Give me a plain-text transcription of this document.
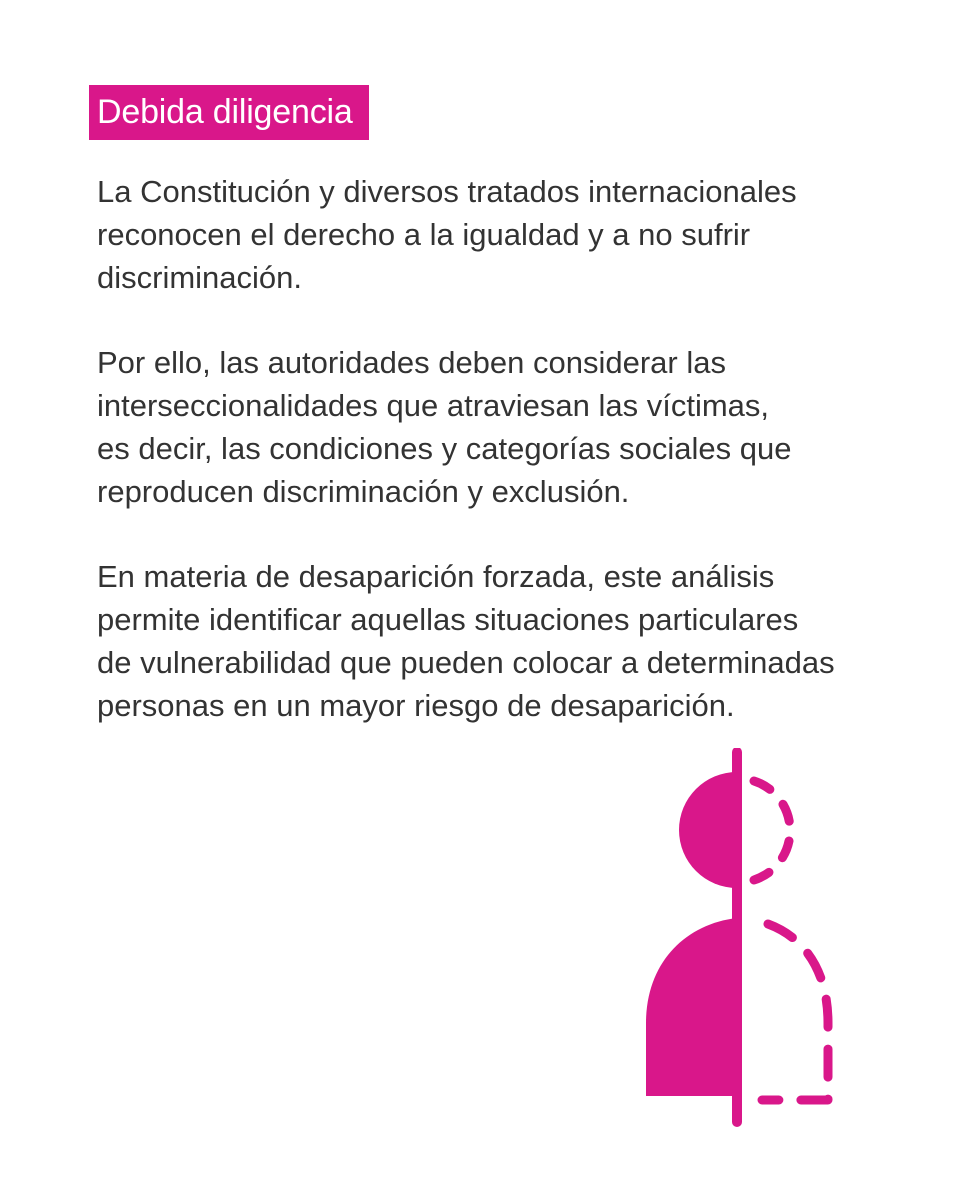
Debida diligencia

La Constitución y diversos tratados internacionales
reconocen el derecho a la igualdad y a no sufrir
discriminación.

Por ello, las autoridades deben considerar las
interseccionalidades que atraviesan las víctimas,
es decir, las condiciones y categorías sociales que
reproducen discriminación y exclusión.

En materia de desaparición forzada, este análisis
permite identificar aquellas situaciones particulares
de vulnerabilidad que pueden colocar a determinadas
personas en un mayor riesgo de desaparición.
